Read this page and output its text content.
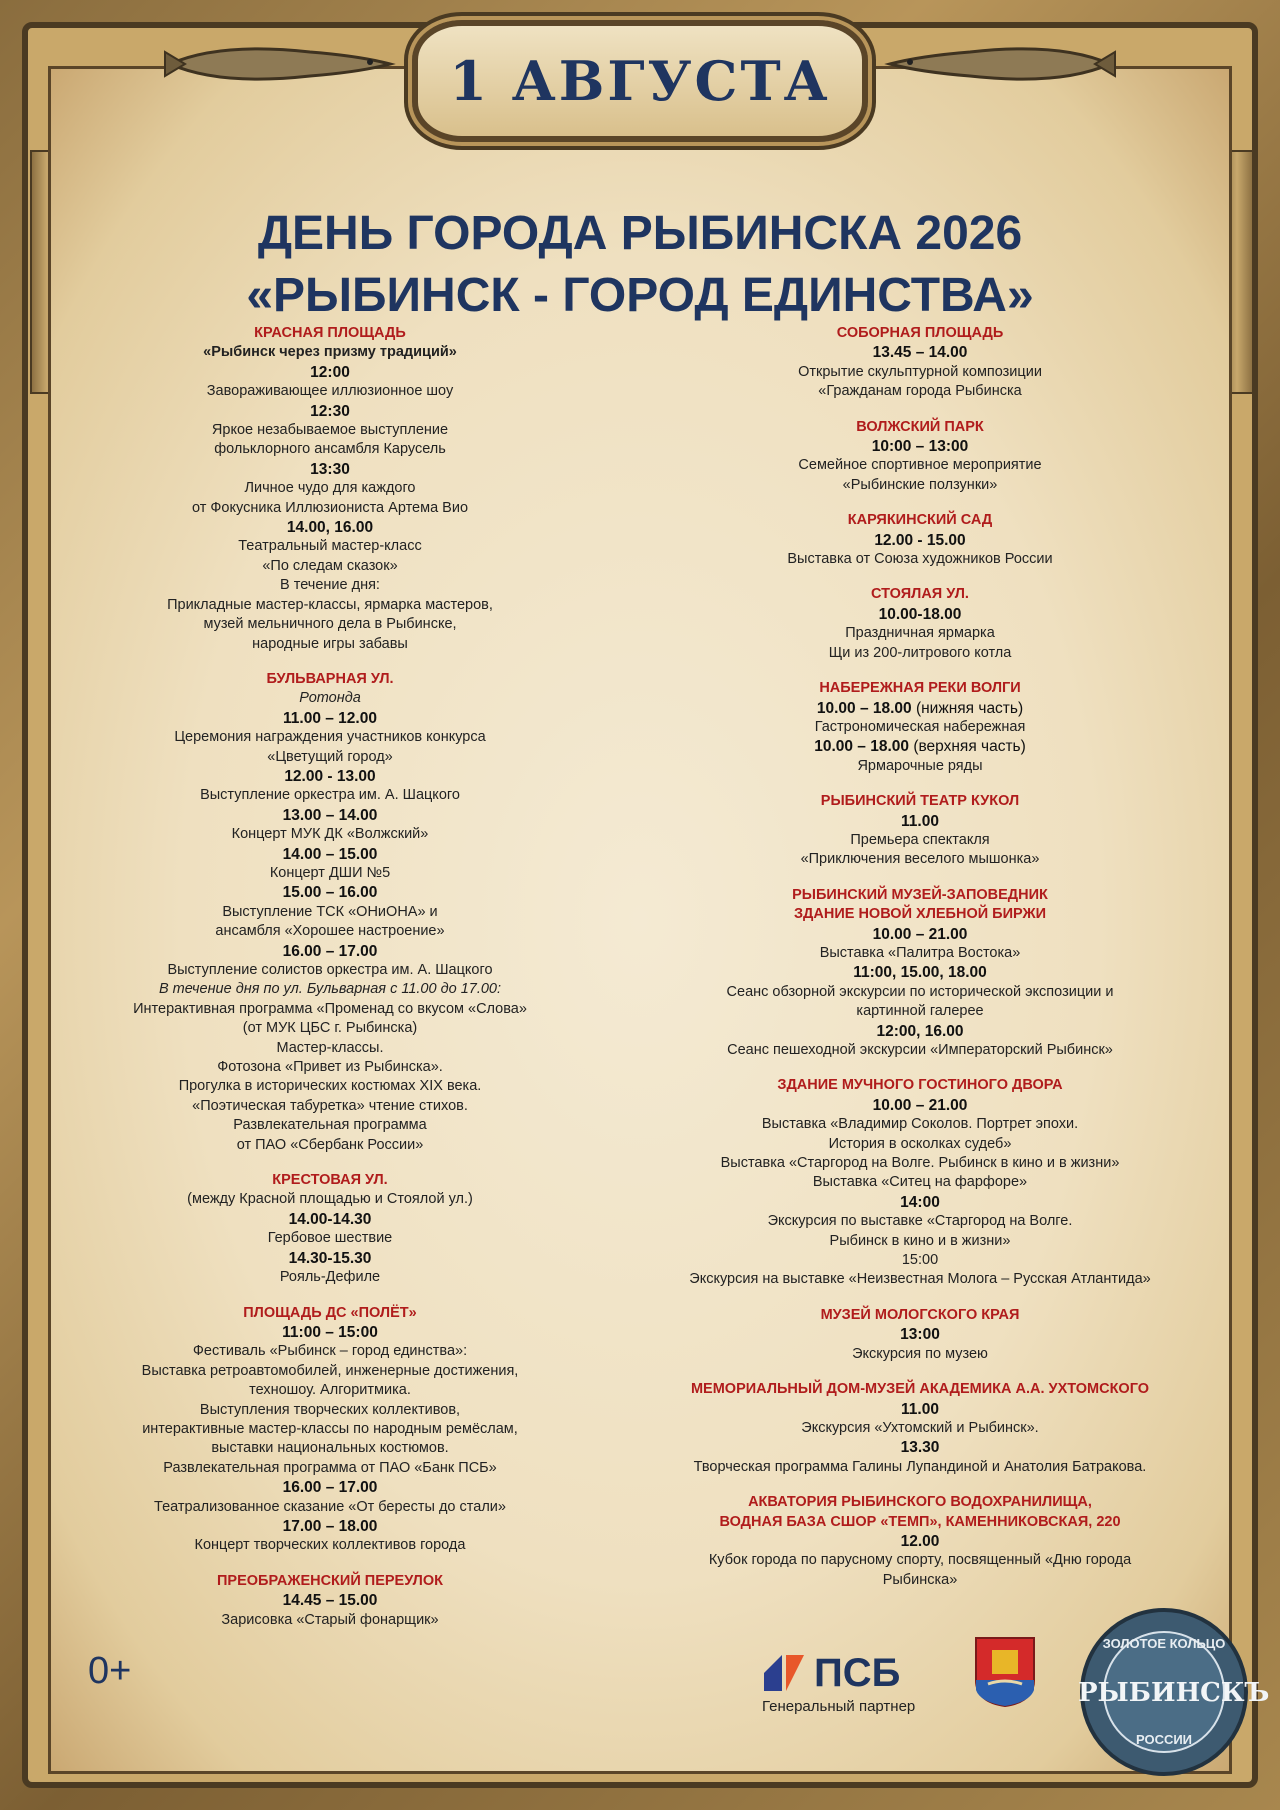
1 АВГУСТА
ДЕНЬ ГОРОДА РЫБИНСКА 2026
«РЫБИНСК - ГОРОД ЕДИНСТВА»
КРАСНАЯ ПЛОЩАДЬ
«Рыбинск через призму традиций»
12:00
Завораживающее иллюзионное шоу
12:30
Яркое незабываемое выступление
фольклорного ансамбля Карусель
13:30
Личное чудо для каждого
от Фокусника Иллюзиониста Артема Вио
14.00, 16.00
Театральный мастер-класс
«По следам сказок»
В течение дня:
Прикладные мастер-классы, ярмарка мастеров,
музей мельничного дела в Рыбинске,
народные игры забавы
БУЛЬВАРНАЯ УЛ.
Ротонда
11.00 – 12.00
Церемония награждения участников конкурса
«Цветущий город»
12.00 - 13.00
Выступление оркестра им. А. Шацкого
13.00 – 14.00
Концерт МУК ДК «Волжский»
14.00 – 15.00
Концерт ДШИ №5
15.00 – 16.00
Выступление ТСК «ОНиОНА» и
ансамбля «Хорошее настроение»
16.00 – 17.00
Выступление солистов оркестра им. А. Шацкого
В течение дня по ул. Бульварная с 11.00 до 17.00:
Интерактивная программа «Променад со вкусом «Слова»
(от МУК ЦБС г. Рыбинска)
Мастер-классы.
Фотозона «Привет из Рыбинска».
Прогулка в исторических костюмах XIX века.
«Поэтическая табуретка» чтение стихов.
Развлекательная программа
от ПАО «Сбербанк России»
КРЕСТОВАЯ УЛ.
(между Красной площадью и Стоялой ул.)
14.00-14.30
Гербовое шествие
14.30-15.30
Рояль-Дефиле
ПЛОЩАДЬ ДС «ПОЛЁТ»
11:00 – 15:00
Фестиваль «Рыбинск – город единства»:
Выставка ретроавтомобилей, инженерные достижения,
техношоу. Алгоритмика.
Выступления творческих коллективов,
интерактивные мастер-классы по народным ремёслам,
выставки национальных костюмов.
Развлекательная программа от ПАО «Банк ПСБ»
16.00 – 17.00
Театрализованное сказание «От бересты до стали»
17.00 – 18.00
Концерт творческих коллективов города
ПРЕОБРАЖЕНСКИЙ ПЕРЕУЛОК
14.45 – 15.00
Зарисовка «Старый фонарщик»
СОБОРНАЯ ПЛОЩАДЬ
13.45 – 14.00
Открытие скульптурной композиции
«Гражданам города Рыбинска
ВОЛЖСКИЙ ПАРК
10:00 – 13:00
Семейное спортивное мероприятие
«Рыбинские ползунки»
КАРЯКИНСКИЙ САД
12.00 - 15.00
Выставка от Союза художников России
СТОЯЛАЯ УЛ.
10.00-18.00
Праздничная ярмарка
Щи из 200-литрового котла
НАБЕРЕЖНАЯ РЕКИ ВОЛГИ
10.00 – 18.00 (нижняя часть)
Гастрономическая набережная
10.00 – 18.00 (верхняя часть)
Ярмарочные ряды
РЫБИНСКИЙ ТЕАТР КУКОЛ
11.00
Премьера спектакля
«Приключения веселого мышонка»
РЫБИНСКИЙ МУЗЕЙ-ЗАПОВЕДНИК
ЗДАНИЕ НОВОЙ ХЛЕБНОЙ БИРЖИ
10.00 – 21.00
Выставка «Палитра Востока»
11:00, 15.00, 18.00
Сеанс обзорной экскурсии по исторической экспозиции и
картинной галерее
12:00, 16.00
Сеанс пешеходной экскурсии «Императорский Рыбинск»
ЗДАНИЕ МУЧНОГО ГОСТИНОГО ДВОРА
10.00 – 21.00
Выставка «Владимир Соколов. Портрет эпохи.
История в осколках судеб»
Выставка «Старгород на Волге. Рыбинск в кино и в жизни»
Выставка «Ситец на фарфоре»
14:00
Экскурсия по выставке «Старгород на Волге.
Рыбинск в кино и в жизни»
15:00
Экскурсия на выставке «Неизвестная Молога – Русская Атлантида»
МУЗЕЙ МОЛОГСКОГО КРАЯ
13:00
Экскурсия по музею
МЕМОРИАЛЬНЫЙ ДОМ-МУЗЕЙ АКАДЕМИКА А.А. УХТОМСКОГО
11.00
Экскурсия «Ухтомский и Рыбинск».
13.30
Творческая программа Галины Лупандиной и Анатолия Батракова.
АКВАТОРИЯ РЫБИНСКОГО ВОДОХРАНИЛИЩА,
ВОДНАЯ БАЗА СШОР «ТЕМП», КАМЕННИКОВСКАЯ, 220
12.00
Кубок города по парусному спорту, посвященный «Дню города
Рыбинска»
0+	ПСБ
Генеральный партнер
ЗОЛОТОЕ КОЛЬЦО
РЫБИНСКЪ
РОССИИ
